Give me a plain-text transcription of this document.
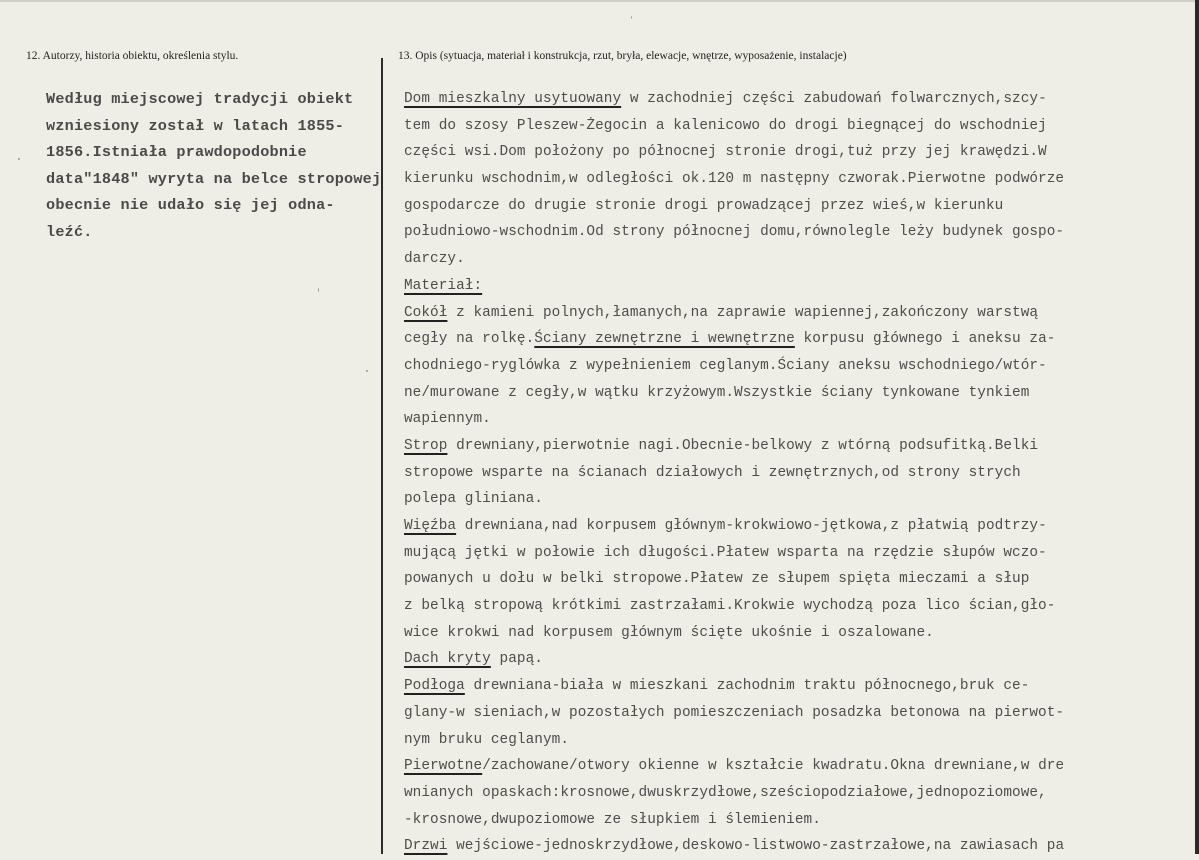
12. Autorzy, historia obiektu, określenia stylu.	13. Opis (sytuacja, materiał i konstrukcja, rzut, bryła, elewacje, wnętrze, wyposażenie, instalacje)
Według miejscowej tradycji obiekt
wzniesiony został w latach 1855-
1856.Istniała prawdopodobnie
data"1848" wyryta na belce stropowej
obecnie nie udało się jej odna-
leźć.
Dom mieszkalny usytuowany w zachodniej części zabudowań folwarcznych,szcy-
tem do szosy Pleszew-Żegocin a kalenicowo do drogi biegnącej do wschodniej
części wsi.Dom położony po północnej stronie drogi,tuż przy jej krawędzi.W
kierunku wschodnim,w odległości ok.120 m następny czworak.Pierwotne podwórze
gospodarcze do drugie stronie drogi prowadzącej przez wieś,w kierunku
południowo-wschodnim.Od strony północnej domu,równolegle leży budynek gospo-
darczy.
Materiał:
Cokół z kamieni polnych,łamanych,na zaprawie wapiennej,zakończony warstwą
cegły na rolkę.Ściany zewnętrzne i wewnętrzne korpusu głównego i aneksu za-
chodniego-ryglówka z wypełnieniem ceglanym.Ściany aneksu wschodniego/wtór-
ne/murowane z cegły,w wątku krzyżowym.Wszystkie ściany tynkowane tynkiem
wapiennym.
Strop drewniany,pierwotnie nagi.Obecnie-belkowy z wtórną podsufitką.Belki
stropowe wsparte na ścianach działowych i zewnętrznych,od strony strych
polepa gliniana.
Więźba drewniana,nad korpusem głównym-krokwiowo-jętkowa,z płatwią podtrzy-
mującą jętki w połowie ich długości.Płatew wsparta na rzędzie słupów wczo-
powanych u dołu w belki stropowe.Płatew ze słupem spięta mieczami a słup
z belką stropową krótkimi zastrzałami.Krokwie wychodzą poza lico ścian,gło-
wice krokwi nad korpusem głównym ścięte ukośnie i oszalowane.
Dach kryty papą.
Podłoga drewniana-biała w mieszkani zachodnim traktu północnego,bruk ce-
glany-w sieniach,w pozostałych pomieszczeniach posadzka betonowa na pierwot-
nym bruku ceglanym.
Pierwotne/zachowane/otwory okienne w kształcie kwadratu.Okna drewniane,w dre
wnianych opaskach:krosnowe,dwuskrzydłowe,sześciopodziałowe,jednopoziomowe,
-krosnowe,dwupoziomowe ze słupkiem i ślemieniem.
Drzwi wejściowe-jednoskrzydłowe,deskowo-listwowo-zastrzałowe,na zawiasach pa
